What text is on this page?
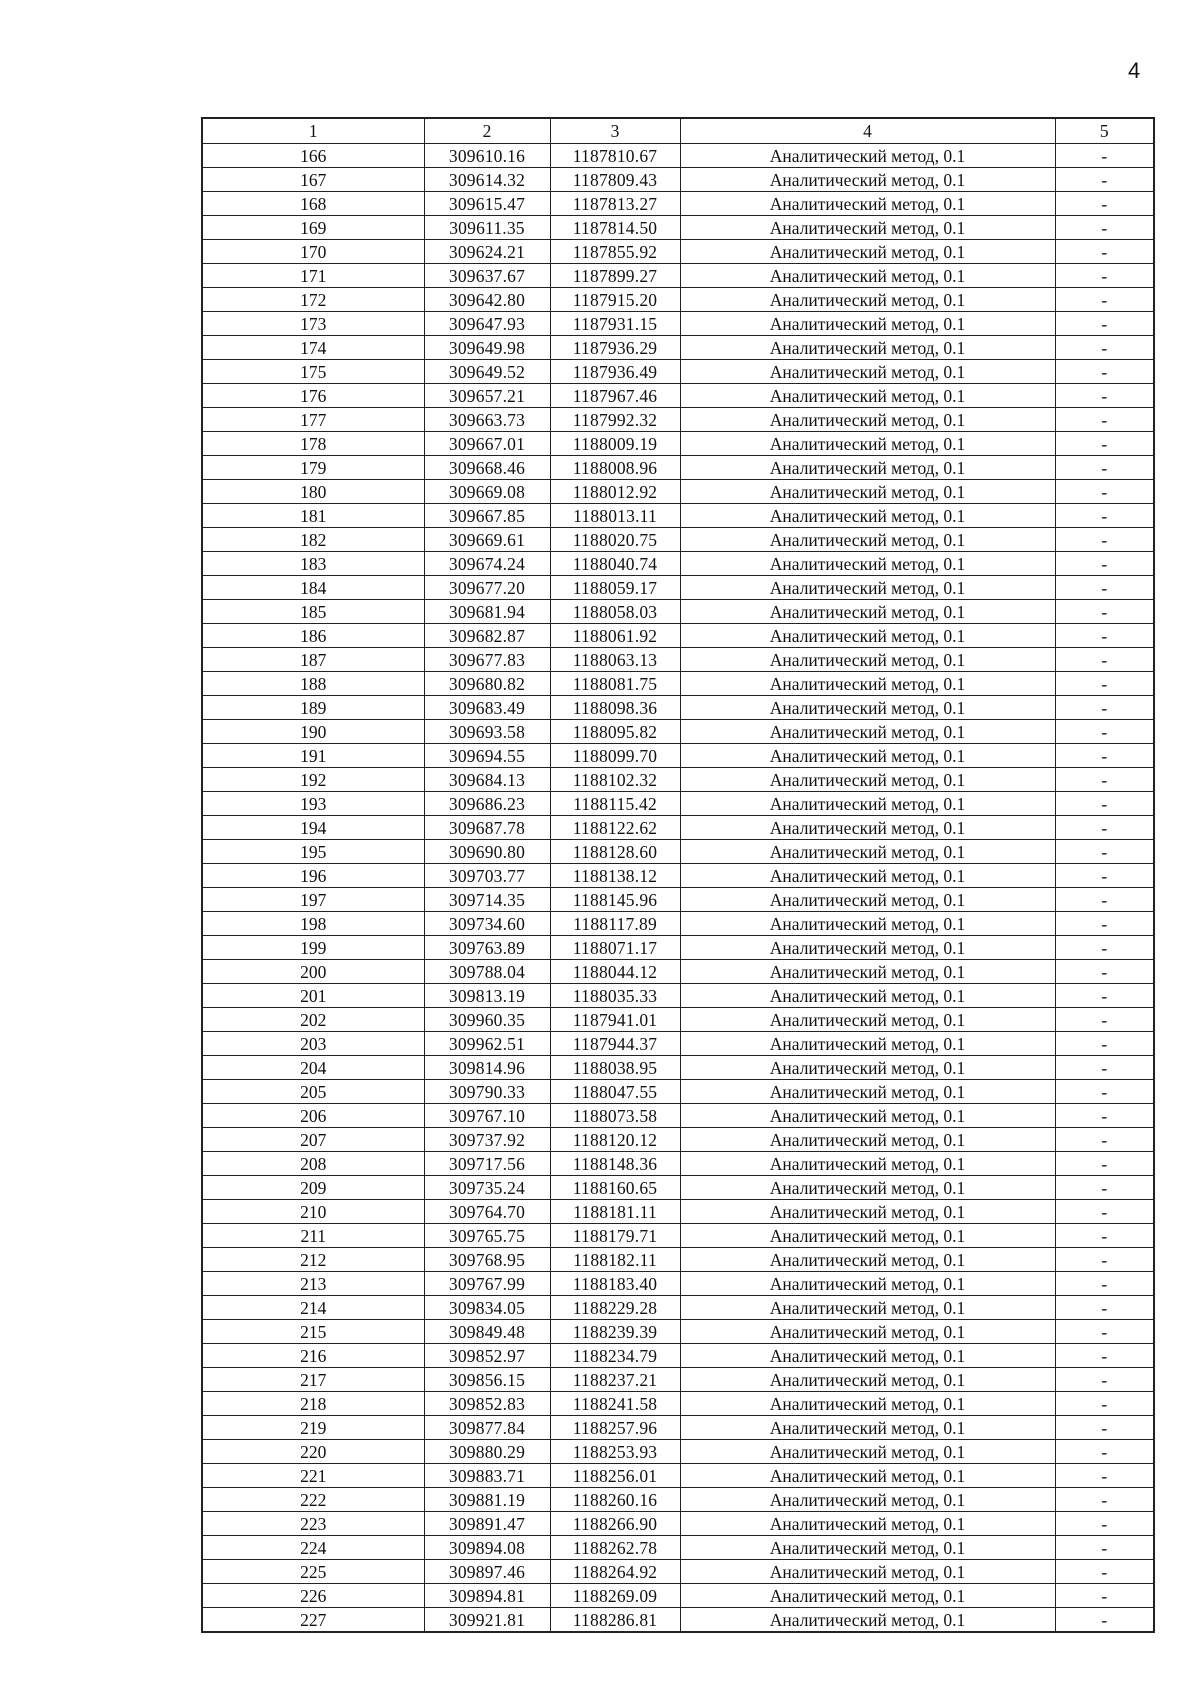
4
1	2	3	4	5
166	309610.16	1187810.67	Аналитический метод, 0.1	-
167	309614.32	1187809.43	Аналитический метод, 0.1	-
168	309615.47	1187813.27	Аналитический метод, 0.1	-
169	309611.35	1187814.50	Аналитический метод, 0.1	-
170	309624.21	1187855.92	Аналитический метод, 0.1	-
171	309637.67	1187899.27	Аналитический метод, 0.1	-
172	309642.80	1187915.20	Аналитический метод, 0.1	-
173	309647.93	1187931.15	Аналитический метод, 0.1	-
174	309649.98	1187936.29	Аналитический метод, 0.1	-
175	309649.52	1187936.49	Аналитический метод, 0.1	-
176	309657.21	1187967.46	Аналитический метод, 0.1	-
177	309663.73	1187992.32	Аналитический метод, 0.1	-
178	309667.01	1188009.19	Аналитический метод, 0.1	-
179	309668.46	1188008.96	Аналитический метод, 0.1	-
180	309669.08	1188012.92	Аналитический метод, 0.1	-
181	309667.85	1188013.11	Аналитический метод, 0.1	-
182	309669.61	1188020.75	Аналитический метод, 0.1	-
183	309674.24	1188040.74	Аналитический метод, 0.1	-
184	309677.20	1188059.17	Аналитический метод, 0.1	-
185	309681.94	1188058.03	Аналитический метод, 0.1	-
186	309682.87	1188061.92	Аналитический метод, 0.1	-
187	309677.83	1188063.13	Аналитический метод, 0.1	-
188	309680.82	1188081.75	Аналитический метод, 0.1	-
189	309683.49	1188098.36	Аналитический метод, 0.1	-
190	309693.58	1188095.82	Аналитический метод, 0.1	-
191	309694.55	1188099.70	Аналитический метод, 0.1	-
192	309684.13	1188102.32	Аналитический метод, 0.1	-
193	309686.23	1188115.42	Аналитический метод, 0.1	-
194	309687.78	1188122.62	Аналитический метод, 0.1	-
195	309690.80	1188128.60	Аналитический метод, 0.1	-
196	309703.77	1188138.12	Аналитический метод, 0.1	-
197	309714.35	1188145.96	Аналитический метод, 0.1	-
198	309734.60	1188117.89	Аналитический метод, 0.1	-
199	309763.89	1188071.17	Аналитический метод, 0.1	-
200	309788.04	1188044.12	Аналитический метод, 0.1	-
201	309813.19	1188035.33	Аналитический метод, 0.1	-
202	309960.35	1187941.01	Аналитический метод, 0.1	-
203	309962.51	1187944.37	Аналитический метод, 0.1	-
204	309814.96	1188038.95	Аналитический метод, 0.1	-
205	309790.33	1188047.55	Аналитический метод, 0.1	-
206	309767.10	1188073.58	Аналитический метод, 0.1	-
207	309737.92	1188120.12	Аналитический метод, 0.1	-
208	309717.56	1188148.36	Аналитический метод, 0.1	-
209	309735.24	1188160.65	Аналитический метод, 0.1	-
210	309764.70	1188181.11	Аналитический метод, 0.1	-
211	309765.75	1188179.71	Аналитический метод, 0.1	-
212	309768.95	1188182.11	Аналитический метод, 0.1	-
213	309767.99	1188183.40	Аналитический метод, 0.1	-
214	309834.05	1188229.28	Аналитический метод, 0.1	-
215	309849.48	1188239.39	Аналитический метод, 0.1	-
216	309852.97	1188234.79	Аналитический метод, 0.1	-
217	309856.15	1188237.21	Аналитический метод, 0.1	-
218	309852.83	1188241.58	Аналитический метод, 0.1	-
219	309877.84	1188257.96	Аналитический метод, 0.1	-
220	309880.29	1188253.93	Аналитический метод, 0.1	-
221	309883.71	1188256.01	Аналитический метод, 0.1	-
222	309881.19	1188260.16	Аналитический метод, 0.1	-
223	309891.47	1188266.90	Аналитический метод, 0.1	-
224	309894.08	1188262.78	Аналитический метод, 0.1	-
225	309897.46	1188264.92	Аналитический метод, 0.1	-
226	309894.81	1188269.09	Аналитический метод, 0.1	-
227	309921.81	1188286.81	Аналитический метод, 0.1	-
